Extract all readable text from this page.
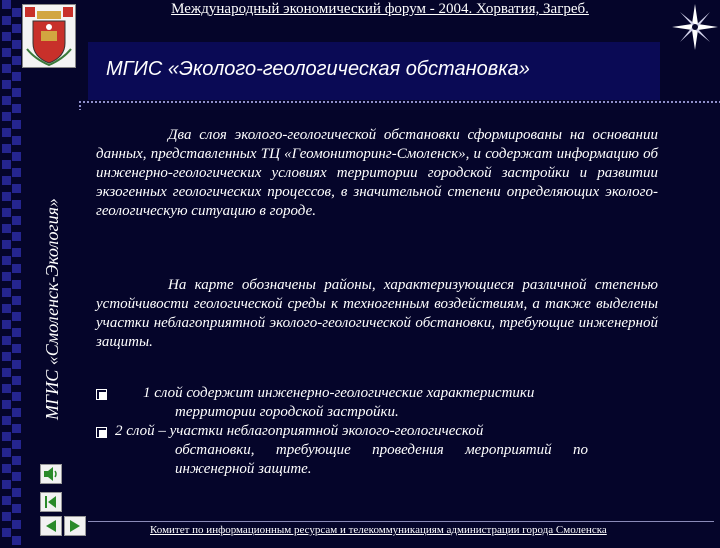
Международный экономический форум - 2004. Хорватия, Загреб.
МГИС «Эколого-геологическая обстановка»
МГИС «Смоленск-Экология»

Два слоя эколого-геологической обстановки сформированы на основании данных, представленных ТЦ «Геомониторинг-Смоленск», и содержат информацию об инженерно-геологических условиях территории городской застройки и развитии экзогенных геологических процессов, в значительной степени определяющих эколого-геологическую ситуацию в городе.

На карте обозначены районы, характеризующиеся различной степенью устойчивости геологической среды к техногенным воздействиям, а также выделены участки неблагоприятной эколого-геологической обстановки, требующие инженерной защиты.

1 слой содержит инженерно-геологические характеристики
территории городской застройки.
2 слой – участки неблагоприятной эколого-геологической
обстановки, требующие проведения мероприятий по инженерной защите.
Комитет по информационным ресурсам и телекоммуникациям администрации города Смоленска
